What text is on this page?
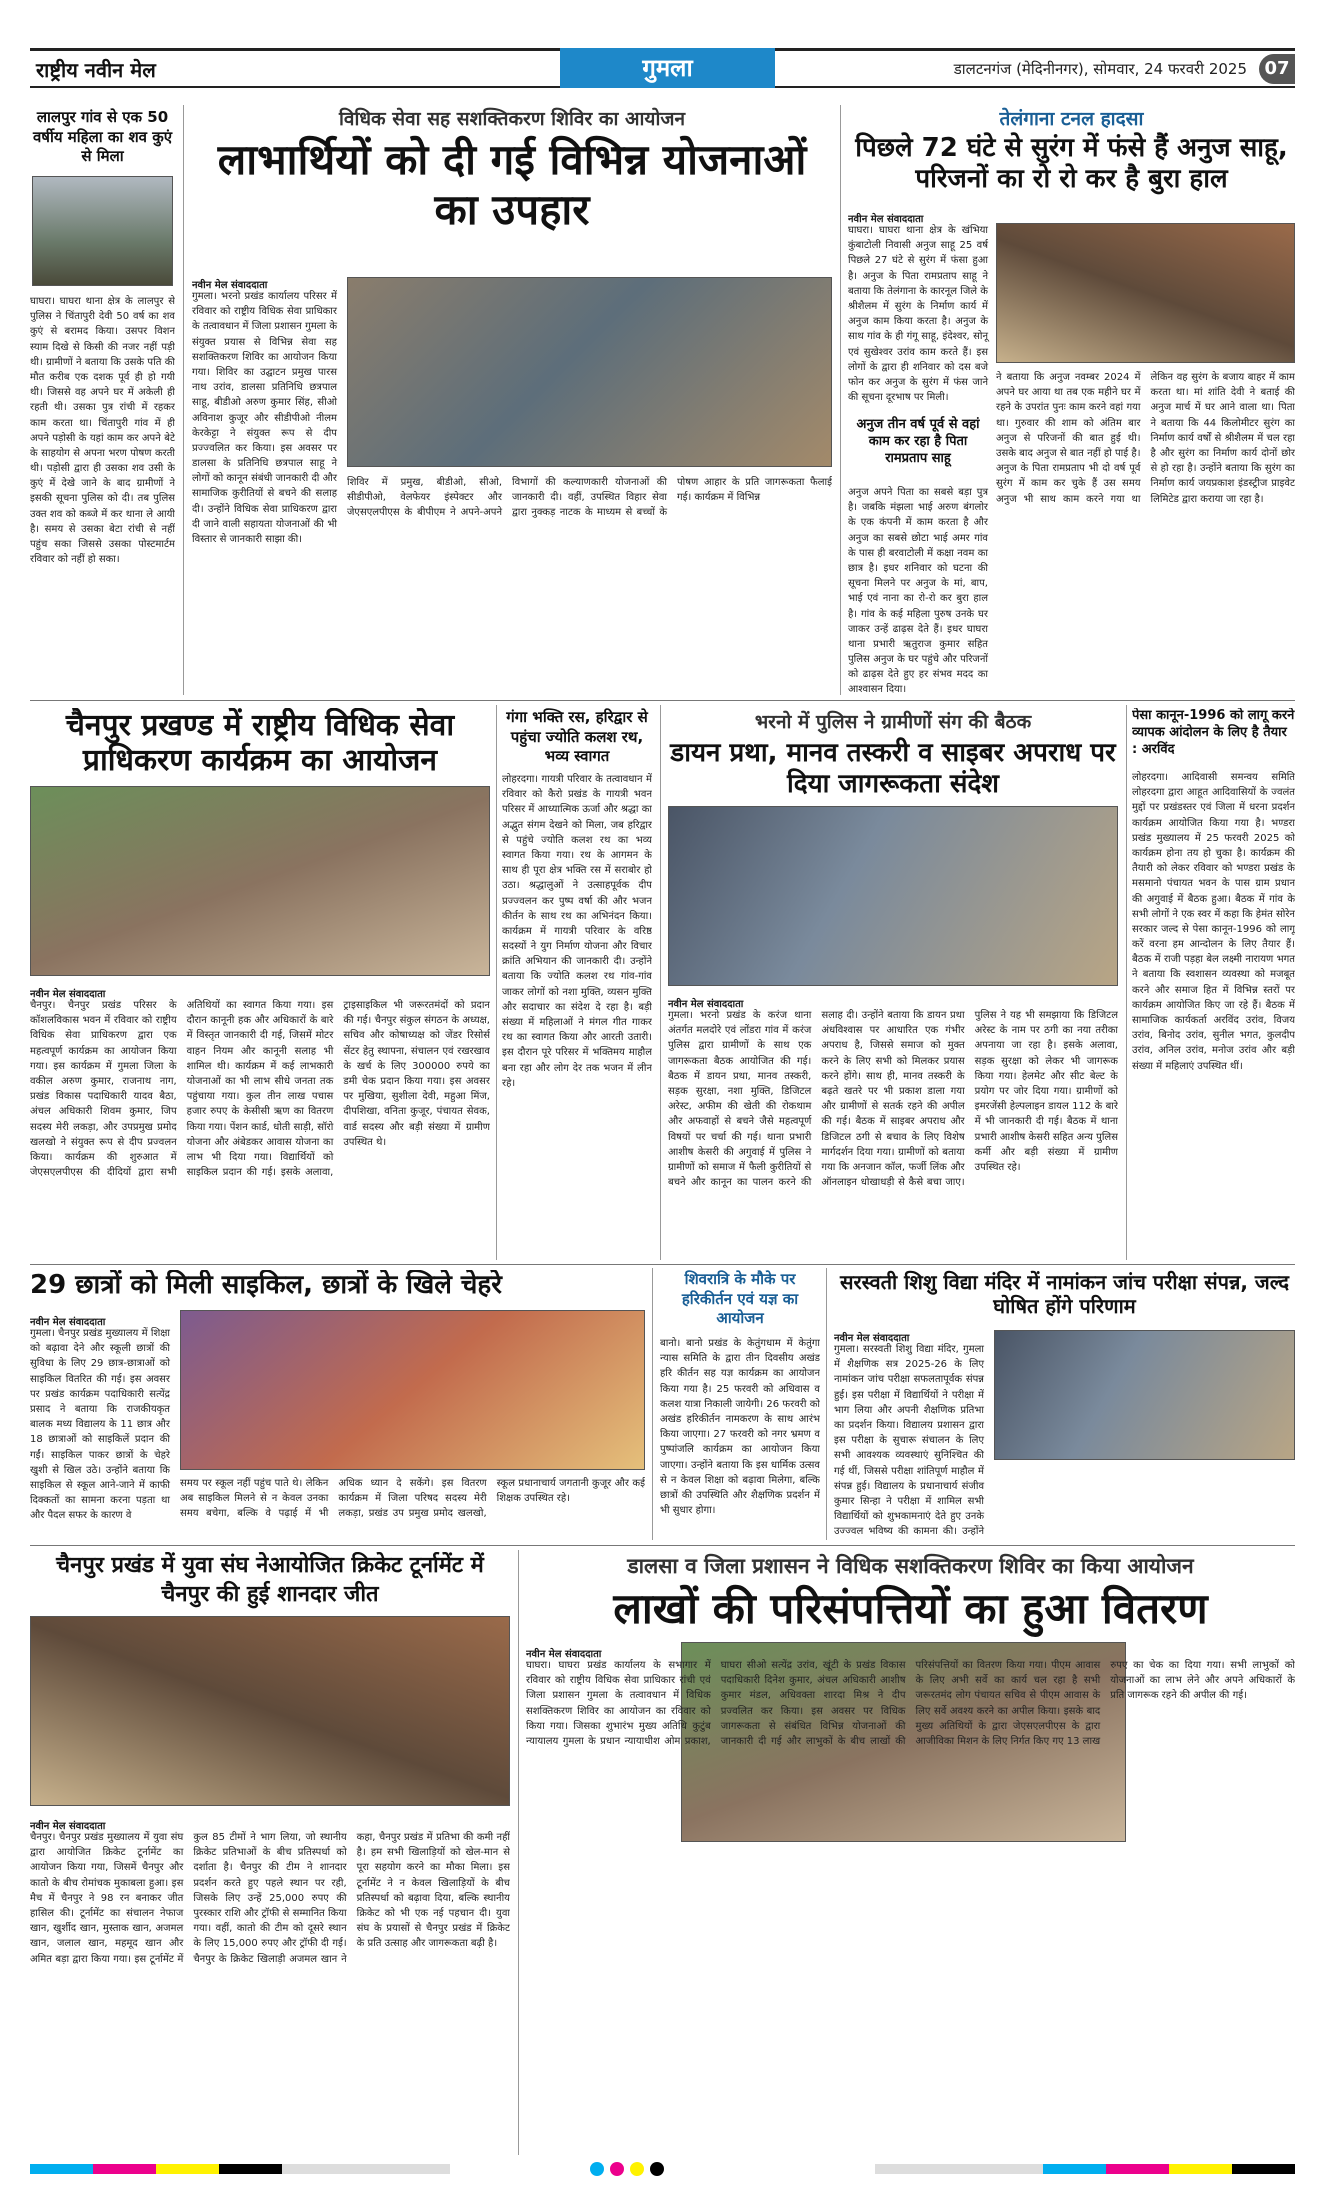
राष्ट्रीय नवीन मेल	गुमला	डालटनगंज (मेदिनीनगर), सोमवार, 24 फरवरी 2025 07
लालपुर गांव से एक 50 वर्षीय महिला का शव कुएं से मिला
घाघरा। घाघरा थाना क्षेत्र के लालपुर से पुलिस ने चिंतापुरी देवी 50 वर्ष का शव कुएं से बरामद किया। उसपर विशन स्याम दिखे से किसी की नजर नहीं पड़ी थी। ग्रामीणों ने बताया कि उसके पति की मौत करीब एक दशक पूर्व ही हो गयी थी। जिससे वह अपने घर में अकेली ही रहती थी। उसका पुत्र रांची में रहकर काम करता था। चिंतापुरी गांव में ही अपने पड़ोसी के यहां काम कर अपने बेटे के साहयोग से अपना भरण पोषण करती थी। पड़ोसी द्वारा ही उसका शव उसी के कुएं में देखे जाने के बाद ग्रामीणों ने इसकी सूचना पुलिस को दी। तब पुलिस उक्त शव को कब्जे में कर थाना ले आयी है। समय से उसका बेटा रांची से नहीं पहुंच सका जिससे उसका पोस्टमार्टम रविवार को नहीं हो सका।
विधिक सेवा सह सशक्तिकरण शिविर का आयोजन
लाभार्थियों को दी गई विभिन्न योजनाओं का उपहार
नवीन मेल संवाददाता
गुमला। भरनो प्रखंड कार्यालय परिसर में रविवार को राष्ट्रीय विधिक सेवा प्राधिकार के तत्वावधान में जिला प्रशासन गुमला के संयुक्त प्रयास से विभिन्न सेवा सह सशक्तिकरण शिविर का आयोजन किया गया। शिविर का उद्घाटन प्रमुख पारस नाथ उरांव, डालसा प्रतिनिधि छत्रपाल साहू, बीडीओ अरुण कुमार सिंह, सीओ अविनाश कुजूर और सीडीपीओ नीलम केरकेट्टा ने संयुक्त रूप से दीप प्रज्ज्वलित कर किया। इस अवसर पर डालसा के प्रतिनिधि छत्रपाल साहू ने लोगों को कानून संबंधी जानकारी दी और सामाजिक कुरीतियों से बचने की सलाह दी। उन्होंने विधिक सेवा प्राधिकरण द्वारा दी जाने वाली सहायता योजनाओं की भी विस्तार से जानकारी साझा की।
शिविर में प्रमुख, बीडीओ, सीओ, सीडीपीओ, वेलफेयर इंस्पेक्टर और जेएसएलपीएस के बीपीएम ने अपने-अपने विभागों की कल्याणकारी योजनाओं की जानकारी दी। वहीं, उपस्थित विहार सेवा द्वारा नुक्कड़ नाटक के माध्यम से बच्चों के पोषण आहार के प्रति जागरूकता फैलाई गई। कार्यक्रम में विभिन्न
तेलंगाना टनल हादसा
पिछले 72 घंटे से सुरंग में फंसे हैं अनुज साहू, परिजनों का रो रो कर है बुरा हाल
नवीन मेल संवाददाता
घाघरा। घाघरा थाना क्षेत्र के खंभिया कुंबाटोली निवासी अनुज साहू 25 वर्ष पिछले 27 घंटे से सुरंग में फंसा हुआ है। अनुज के पिता रामप्रताप साहू ने बताया कि तेलंगाना के कारनूल जिले के श्रीशैलम में सुरंग के निर्माण कार्य में अनुज काम किया करता है। अनुज के साथ गांव के ही गंगू साहू, इंदेश्वर, सोनू एवं सुखेश्वर उरांव काम करते हैं। इस लोगों के द्वारा ही शनिवार को दस बजे फोन कर अनुज के सुरंग में फंस जाने की सूचना दूरभाष पर मिली।
अनुज तीन वर्ष पूर्व से वहां काम कर रहा है पिता रामप्रताप साहू
ने बताया कि अनुज नवम्बर 2024 में अपने घर आया था तब एक महीने घर में रहने के उपरांत पुनः काम करने वहां गया था। गुरुवार की शाम को अंतिम बार अनुज से परिजनों की बात हुई थी। उसके बाद अनुज से बात नहीं हो पाई है। अनुज के पिता रामप्रताप भी दो वर्ष पूर्व सुरंग में काम कर चुके हैं उस समय अनुज भी साथ काम करने गया था लेकिन वह सुरंग के बजाय बाहर में काम करता था। मां शांति देवी ने बताई की अनुज मार्च में घर आने वाला था। पिता ने बताया कि 44 किलोमीटर सुरंग का निर्माण कार्य वर्षों से श्रीशैलम में चल रहा है और सुरंग का निर्माण कार्य दोनों छोर से हो रहा है। उन्होंने बताया कि सुरंग का निर्माण कार्य जयप्रकाश इंडस्ट्रीज प्राइवेट लिमिटेड द्वारा कराया जा रहा है।
अनुज अपने पिता का सबसे बड़ा पुत्र है। जबकि मंझला भाई अरुण बंगलोर के एक कंपनी में काम करता है और अनुज का सबसे छोटा भाई अमर गांव के पास ही बरवाटोली में कक्षा नवम का छात्र है। इधर शनिवार को घटना की सूचना मिलने पर अनुज के मां, बाप, भाई एवं नाना का रो-रो कर बुरा हाल है। गांव के कई महिला पुरुष उनके घर जाकर उन्हें ढाढ़स देते हैं। इधर घाघरा थाना प्रभारी ऋतुराज कुमार सहित पुलिस अनुज के घर पहुंचे और परिजनों को ढाढ़स देते हुए हर संभव मदद का आश्वासन दिया।
चैनपुर प्रखण्ड में राष्ट्रीय विधिक सेवा प्राधिकरण कार्यक्रम का आयोजन
नवीन मेल संवाददाता
चैनपुर। चैनपुर प्रखंड परिसर के कॉशलविकास भवन में रविवार को राष्ट्रीय विधिक सेवा प्राधिकरण द्वारा एक महत्वपूर्ण कार्यक्रम का आयोजन किया गया। इस कार्यक्रम में गुमला जिला के वकील अरुण कुमार, राजनाथ नाग, प्रखंड विकास पदाधिकारी यादव बैठा, अंचल अधिकारी शिवम कुमार, जिप सदस्य मेरी लकड़ा, और उपप्रमुख प्रमोद खलखो ने संयुक्त रूप से दीप प्रज्वलन किया। कार्यक्रम की शुरुआत में जेएसएलपीएस की दीदियों द्वारा सभी अतिथियों का स्वागत किया गया। इस दौरान कानूनी हक और अधिकारों के बारे में विस्तृत जानकारी दी गई, जिसमें मोटर वाहन नियम और कानूनी सलाह भी शामिल थी। कार्यक्रम में कई लाभकारी योजनाओं का भी लाभ सीधे जनता तक पहुंचाया गया। कुल तीन लाख पचास हजार रुपए के केसीसी ऋण का वितरण किया गया। पेंशन कार्ड, धोती साड़ी, सॉरो योजना और अंबेडकर आवास योजना का लाभ भी दिया गया। विद्यार्थियों को साइकिल प्रदान की गई। इसके अलावा, ट्राइसाइकिल भी जरूरतमंदों को प्रदान की गई। चैनपुर संकुल संगठन के अध्यक्ष, सचिव और कोषाध्यक्ष को जेंडर रिसोर्स सेंटर हेतु स्थापना, संचालन एवं रखरखाव के खर्च के लिए 300000 रुपये का डमी चेक प्रदान किया गया। इस अवसर पर मुखिया, सुशीला देवी, महुआ मिंज, दीपशिखा, वनिता कुजूर, पंचायत सेवक, वार्ड सदस्य और बड़ी संख्या में ग्रामीण उपस्थित थे।
गंगा भक्ति रस, हरिद्वार से पहुंचा ज्योति कलश रथ, भव्य स्वागत
लोहरदगा। गायत्री परिवार के तत्वावधान में रविवार को कैरो प्रखंड के गायत्री भवन परिसर में आध्यात्मिक ऊर्जा और श्रद्धा का अद्भुत संगम देखने को मिला, जब हरिद्वार से पहुंचे ज्योति कलश रथ का भव्य स्वागत किया गया। रथ के आगमन के साथ ही पूरा क्षेत्र भक्ति रस में सराबोर हो उठा। श्रद्धालुओं ने उत्साहपूर्वक दीप प्रज्ज्वलन कर पुष्प वर्षा की और भजन कीर्तन के साथ रथ का अभिनंदन किया। कार्यक्रम में गायत्री परिवार के वरिष्ठ सदस्यों ने युग निर्माण योजना और विचार क्रांति अभियान की जानकारी दी। उन्होंने बताया कि ज्योति कलश रथ गांव-गांव जाकर लोगों को नशा मुक्ति, व्यसन मुक्ति और सदाचार का संदेश दे रहा है। बड़ी संख्या में महिलाओं ने मंगल गीत गाकर रथ का स्वागत किया और आरती उतारी। इस दौरान पूरे परिसर में भक्तिमय माहौल बना रहा और लोग देर तक भजन में लीन रहे।
भरनो में पुलिस ने ग्रामीणों संग की बैठक
डायन प्रथा, मानव तस्करी व साइबर अपराध पर दिया जागरूकता संदेश
नवीन मेल संवाददाता
गुमला। भरनो प्रखंड के करंज थाना अंतर्गत मलदोरे एवं लोंडरा गांव में करंज पुलिस द्वारा ग्रामीणों के साथ एक जागरूकता बैठक आयोजित की गई। बैठक में डायन प्रथा, मानव तस्करी, सड़क सुरक्षा, नशा मुक्ति, डिजिटल अरेस्ट, अफीम की खेती की रोकथाम और अफवाहों से बचने जैसे महत्वपूर्ण विषयों पर चर्चा की गई। थाना प्रभारी आशीष केसरी की अगुवाई में पुलिस ने ग्रामीणों को समाज में फैली कुरीतियों से बचने और कानून का पालन करने की सलाह दी। उन्होंने बताया कि डायन प्रथा अंधविश्वास पर आधारित एक गंभीर अपराध है, जिससे समाज को मुक्त करने के लिए सभी को मिलकर प्रयास करने होंगे। साथ ही, मानव तस्करी के बढ़ते खतरे पर भी प्रकाश डाला गया और ग्रामीणों से सतर्क रहने की अपील की गई। बैठक में साइबर अपराध और डिजिटल ठगी से बचाव के लिए विशेष मार्गदर्शन दिया गया। ग्रामीणों को बताया गया कि अनजान कॉल, फर्जी लिंक और ऑनलाइन धोखाधड़ी से कैसे बचा जाए। पुलिस ने यह भी समझाया कि डिजिटल अरेस्ट के नाम पर ठगी का नया तरीका अपनाया जा रहा है। इसके अलावा, सड़क सुरक्षा को लेकर भी जागरूक किया गया। हेलमेट और सीट बेल्ट के प्रयोग पर जोर दिया गया। ग्रामीणों को इमरजेंसी हेल्पलाइन डायल 112 के बारे में भी जानकारी दी गई। बैठक में थाना प्रभारी आशीष केसरी सहित अन्य पुलिस कर्मी और बड़ी संख्या में ग्रामीण उपस्थित रहे।
पेसा कानून-1996 को लागू करने व्यापक आंदोलन के लिए है तैयार : अरविंद
लोहरदगा। आदिवासी समन्वय समिति लोहरदगा द्वारा आहूत आदिवासियों के ज्वलंत मुद्दों पर प्रखंडस्तर एवं जिला में धरना प्रदर्शन कार्यक्रम आयोजित किया गया है। भण्डरा प्रखंड मुख्यालय में 25 फरवरी 2025 को कार्यक्रम होना तय हो चुका है। कार्यक्रम की तैयारी को लेकर रविवार को भण्डरा प्रखंड के मसमानो पंचायत भवन के पास ग्राम प्रधान की अगुवाई में बैठक हुआ। बैठक में गांव के सभी लोगों ने एक स्वर में कहा कि हेमंत सोरेन सरकार जल्द से पेसा कानून-1996 को लागू करें वरना हम आन्दोलन के लिए तैयार हैं। बैठक में राजी पड़हा बेल लक्ष्मी नारायण भगत ने बताया कि स्वशासन व्यवस्था को मजबूत करने और समाज हित में विभिन्न स्तरों पर कार्यक्रम आयोजित किए जा रहे हैं। बैठक में सामाजिक कार्यकर्ता अरविंद उरांव, विजय उरांव, बिनोद उरांव, सुनील भगत, कुलदीप उरांव, अनिल उरांव, मनोज उरांव और बड़ी संख्या में महिलाएं उपस्थित थीं।
29 छात्रों को मिली साइकिल, छात्रों के खिले चेहरे
नवीन मेल संवाददाता
गुमला। चैनपुर प्रखंड मुख्यालय में शिक्षा को बढ़ावा देने और स्कूली छात्रों की सुविधा के लिए 29 छात्र-छात्राओं को साइकिल वितरित की गई। इस अवसर पर प्रखंड कार्यक्रम पदाधिकारी सत्येंद्र प्रसाद ने बताया कि राजकीयकृत बालक मध्य विद्यालय के 11 छात्र और 18 छात्राओं को साइकिलें प्रदान की गईं। साइकिल पाकर छात्रों के चेहरे खुशी से खिल उठे। उन्होंने बताया कि साइकिल से स्कूल आने-जाने में काफी दिक्कतों का सामना करना पड़ता था और पैदल सफर के कारण वे
समय पर स्कूल नहीं पहुंच पाते थे। लेकिन अब साइकिल मिलने से न केवल उनका समय बचेगा, बल्कि वे पढ़ाई में भी अधिक ध्यान दे सकेंगे। इस वितरण कार्यक्रम में जिला परिषद सदस्य मेरी लकड़ा, प्रखंड उप प्रमुख प्रमोद खलखो, स्कूल प्रधानाचार्य जगतानी कुजूर और कई शिक्षक उपस्थित रहे।
शिवरात्रि के मौके पर हरिकीर्तन एवं यज्ञ का आयोजन
बानो। बानो प्रखंड के केतुंगधाम में केतुंगा न्यास समिति के द्वारा तीन दिवसीय अखंड हरि कीर्तन सह यज्ञ कार्यक्रम का आयोजन किया गया है। 25 फरवरी को अधिवास व कलश यात्रा निकाली जायेगी। 26 फरवरी को अखंड हरिकीर्तन नामकरण के साथ आरंभ किया जाएगा। 27 फरवरी को नगर भ्रमण व पुष्पांजलि कार्यक्रम का आयोजन किया जाएगा। उन्होंने बताया कि इस धार्मिक उत्सव से न केवल शिक्षा को बढ़ावा मिलेगा, बल्कि छात्रों की उपस्थिति और शैक्षणिक प्रदर्शन में भी सुधार होगा।
सरस्वती शिशु विद्या मंदिर में नामांकन जांच परीक्षा संपन्न, जल्द घोषित होंगे परिणाम
नवीन मेल संवाददाता
गुमला। सरस्वती शिशु विद्या मंदिर, गुमला में शैक्षणिक सत्र 2025-26 के लिए नामांकन जांच परीक्षा सफलतापूर्वक संपन्न हुई। इस परीक्षा में विद्यार्थियों ने परीक्षा में भाग लिया और अपनी शैक्षणिक प्रतिभा का प्रदर्शन किया। विद्यालय प्रशासन द्वारा इस परीक्षा के सुचारू संचालन के लिए सभी आवश्यक व्यवस्थाएं सुनिश्चित की गई थीं, जिससे परीक्षा शांतिपूर्ण माहौल में संपन्न हुई। विद्यालय के प्रधानाचार्य संजीव कुमार सिन्हा ने परीक्षा में शामिल सभी विद्यार्थियों को शुभकामनाएं देते हुए उनके उज्ज्वल भविष्य की कामना की। उन्होंने
चैनपुर प्रखंड में युवा संघ नेआयोजित क्रिकेट टूर्नामेंट में चैनपुर की हुई शानदार जीत
नवीन मेल संवाददाता
चैनपुर। चैनपुर प्रखंड मुख्यालय में युवा संघ द्वारा आयोजित क्रिकेट टूर्नामेंट का आयोजन किया गया, जिसमें चैनपुर और कातो के बीच रोमांचक मुकाबला हुआ। इस मैच में चैनपुर ने 98 रन बनाकर जीत हासिल की। टूर्नामेंट का संचालन नेफाज खान, खुर्शीद खान, मुस्ताक खान, अजमल खान, जलाल खान, महमूद खान और अमित बड़ा द्वारा किया गया। इस टूर्नामेंट में कुल 85 टीमों ने भाग लिया, जो स्थानीय क्रिकेट प्रतिभाओं के बीच प्रतिस्पर्धा को दर्शाता है। चैनपुर की टीम ने शानदार प्रदर्शन करते हुए पहले स्थान पर रही, जिसके लिए उन्हें 25,000 रुपए की पुरस्कार राशि और ट्रॉफी से सम्मानित किया गया। वहीं, कातो की टीम को दूसरे स्थान के लिए 15,000 रुपए और ट्रॉफी दी गई। चैनपुर के क्रिकेट खिलाड़ी अजमल खान ने कहा, चैनपुर प्रखंड में प्रतिभा की कमी नहीं है। हम सभी खिलाड़ियों को खेल-मान से पूरा सहयोग करने का मौका मिला। इस टूर्नामेंट ने न केवल खिलाड़ियों के बीच प्रतिस्पर्धा को बढ़ावा दिया, बल्कि स्थानीय क्रिकेट को भी एक नई पहचान दी। युवा संघ के प्रयासों से चैनपुर प्रखंड में क्रिकेट के प्रति उत्साह और जागरूकता बढ़ी है।
डालसा व जिला प्रशासन ने विधिक सशक्तिकरण शिविर का किया आयोजन
लाखों की परिसंपत्तियों का हुआ वितरण
नवीन मेल संवाददाता
घाघरा। घाघरा प्रखंड कार्यालय के सभागार में रविवार को राष्ट्रीय विधिक सेवा प्राधिकार रांची एवं जिला प्रशासन गुमला के तत्वावधान में विधिक सशक्तिकरण शिविर का आयोजन का रविवार को किया गया। जिसका शुभारंभ मुख्य अतिथि कुटुंब न्यायालय गुमला के प्रधान न्यायाधीश ओम प्रकाश, घाघरा सीओ सत्येंद्र उरांव, खूंटी के प्रखंड विकास पदाधिकारी दिनेश कुमार, अंचल अधिकारी आशीष कुमार मंडल, अधिवक्ता शारदा मिश्र ने दीप प्रज्वलित कर किया। इस अवसर पर विधिक जागरूकता से संबंधित विभिन्न योजनाओं की जानकारी दी गई और लाभुकों के बीच लाखों की परिसंपत्तियों का वितरण किया गया। पीएम आवास के लिए अभी सर्वे का कार्य चल रहा है सभी जरूरतमंद लोग पंचायत सचिव से पीएम आवास के लिए सर्वे अवश्य करने का अपील किया। इसके बाद मुख्य अतिथियों के द्वारा जेएसएलपीएस के द्वारा आजीविका मिशन के लिए निर्गत किए गए 13 लाख रुपए का चेक का दिया गया। सभी लाभुकों को योजनाओं का लाभ लेने और अपने अधिकारों के प्रति जागरूक रहने की अपील की गई।
